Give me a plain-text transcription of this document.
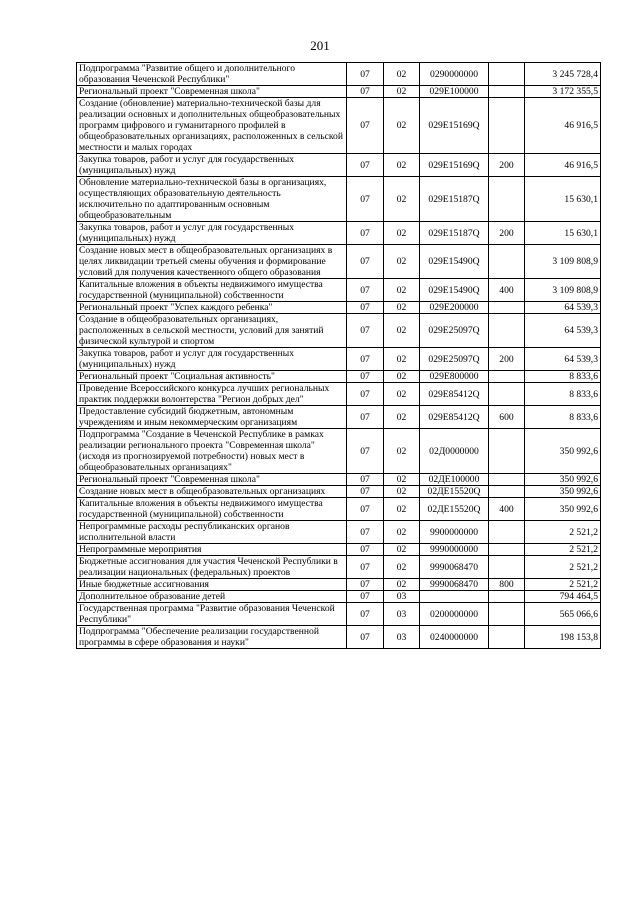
201
Подпрограмма "Развитие общего и дополнительного образования Чеченской Республики"	07	02	0290000000		3 245 728,4
Региональный проект "Современная школа"	07	02	029E100000		3 172 355,5
Создание (обновление) материально-технической базы для реализации основных и дополнительных общеобразовательных программ цифрового и гуманитарного профилей в общеобразовательных организациях, расположенных в сельской местности и малых городах	07	02	029E15169Q		46 916,5
Закупка товаров, работ и услуг для государственных (муниципальных) нужд	07	02	029E15169Q	200	46 916,5
Обновление материально-технической базы в организациях, осуществляющих образовательную деятельность исключительно по адаптированным основным общеобразовательным	07	02	029E15187Q		15 630,1
Закупка товаров, работ и услуг для государственных (муниципальных) нужд	07	02	029E15187Q	200	15 630,1
Создание новых мест в общеобразовательных организациях в целях ликвидации третьей смены обучения и формирование условий для получения качественного общего образования	07	02	029E15490Q		3 109 808,9
Капитальные вложения в объекты недвижимого имущества государственной (муниципальной) собственности	07	02	029E15490Q	400	3 109 808,9
Региональный проект "Успех каждого ребенка"	07	02	029E200000		64 539,3
Создание в общеобразовательных организациях, расположенных в сельской местности, условий для занятий физической культурой и спортом	07	02	029E25097Q		64 539,3
Закупка товаров, работ и услуг для государственных (муниципальных) нужд	07	02	029E25097Q	200	64 539,3
Региональный проект "Социальная активность"	07	02	029E800000		8 833,6
Проведение Всероссийского конкурса лучших региональных практик поддержки волонтерства "Регион добрых дел"	07	02	029E85412Q		8 833,6
Предоставление субсидий бюджетным, автономным учреждениям и иным некоммерческим организациям	07	02	029E85412Q	600	8 833,6
Подпрограмма "Создание в Чеченской Республике в рамках реализации регионального проекта "Современная школа" (исходя из прогнозируемой потребности) новых мест в общеобразовательных организациях"	07	02	02Д0000000		350 992,6
Региональный проект "Современная школа"	07	02	02ДЕ100000		350 992,6
Создание новых мест в общеобразовательных организациях	07	02	02ДЕ15520Q		350 992,6
Капитальные вложения в объекты недвижимого имущества государственной (муниципальной) собственности	07	02	02ДЕ15520Q	400	350 992,6
Непрограммные расходы республиканских органов исполнительной власти	07	02	9900000000		2 521,2
Непрограммные мероприятия	07	02	9990000000		2 521,2
Бюджетные ассигнования для участия Чеченской Республики в реализации национальных (федеральных) проектов	07	02	9990068470		2 521,2
Иные бюджетные ассигнования	07	02	9990068470	800	2 521,2
Дополнительное образование детей	07	03			794 464,5
Государственная программа "Развитие образования Чеченской Республики"	07	03	0200000000		565 066,6
Подпрограмма "Обеспечение реализации государственной программы в сфере образования и науки"	07	03	0240000000		198 153,8
